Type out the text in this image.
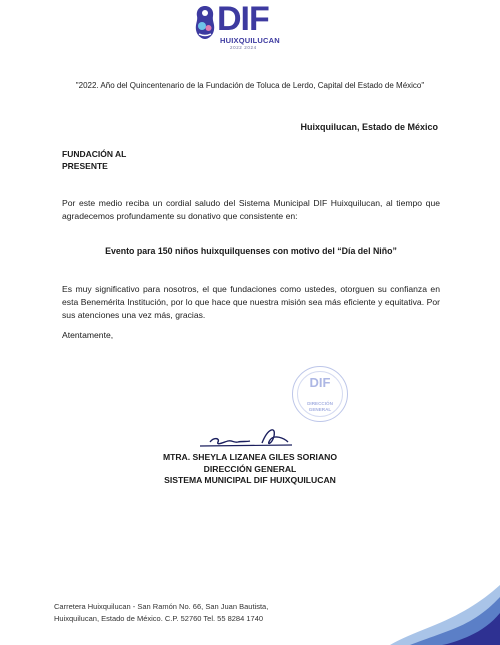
DIF
HUIXQUILUCAN
2022 2024
"2022. Año del Quincentenario de la Fundación de Toluca de Lerdo, Capital del Estado de México"
Huixquilucan, Estado de México
FUNDACIÓN AL
PRESENTE
Por este medio reciba un cordial saludo del Sistema Municipal DIF Huixquilucan, al tiempo que agradecemos profundamente su donativo que consistente en:
Evento para 150 niños huixquilquenses con motivo del “Día del Niño”
Es muy significativo para nosotros, el que fundaciones como ustedes, otorguen su confianza en esta Benemérita Institución, por lo que hace que nuestra misión sea más eficiente y equitativa. Por sus atenciones una vez más, gracias.
Atentamente,
DIF
DIRECCIÓN
GENERAL
MTRA. SHEYLA LIZANEA GILES SORIANO
DIRECCIÓN GENERAL
SISTEMA MUNICIPAL DIF HUIXQUILUCAN
Carretera Huixquilucan - San Ramón No. 66, San Juan Bautista,
Huixquilucan, Estado de México. C.P. 52760 Tel. 55 8284 1740
